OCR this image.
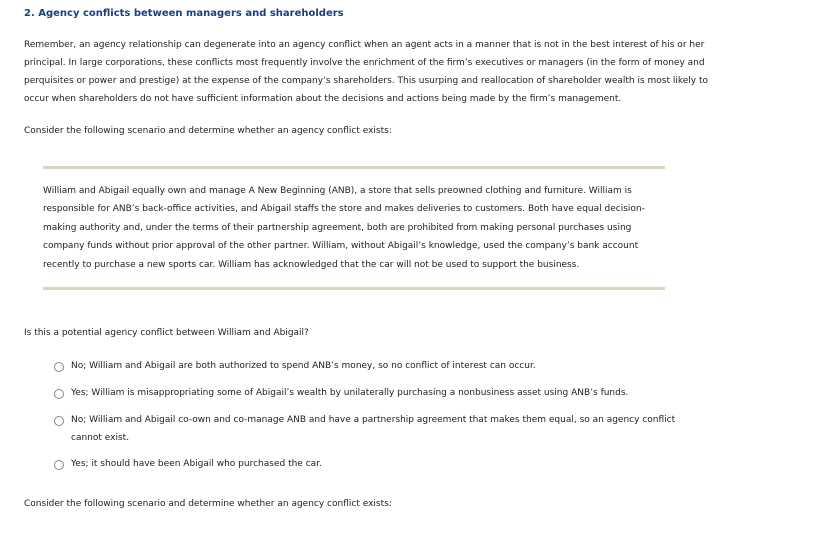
2. Agency conflicts between managers and shareholders
Remember, an agency relationship can degenerate into an agency conflict when an agent acts in a manner that is not in the best interest of his or her principal. In large corporations, these conflicts most frequently involve the enrichment of the firm’s executives or managers (in the form of money and perquisites or power and prestige) at the expense of the company’s shareholders. This usurping and reallocation of shareholder wealth is most likely to occur when shareholders do not have sufficient information about the decisions and actions being made by the firm’s management.
Consider the following scenario and determine whether an agency conflict exists:
William and Abigail equally own and manage A New Beginning (ANB), a store that sells preowned clothing and furniture. William is responsible for ANB’s back-office activities, and Abigail staffs the store and makes deliveries to customers. Both have equal decision-making authority and, under the terms of their partnership agreement, both are prohibited from making personal purchases using company funds without prior approval of the other partner. William, without Abigail’s knowledge, used the company’s bank account recently to purchase a new sports car. William has acknowledged that the car will not be used to support the business.
Is this a potential agency conflict between William and Abigail?
No; William and Abigail are both authorized to spend ANB’s money, so no conflict of interest can occur.
Yes; William is misappropriating some of Abigail’s wealth by unilaterally purchasing a nonbusiness asset using ANB’s funds.
No; William and Abigail co-own and co-manage ANB and have a partnership agreement that makes them equal, so an agency conflict cannot exist.
Yes; it should have been Abigail who purchased the car.
Consider the following scenario and determine whether an agency conflict exists:
